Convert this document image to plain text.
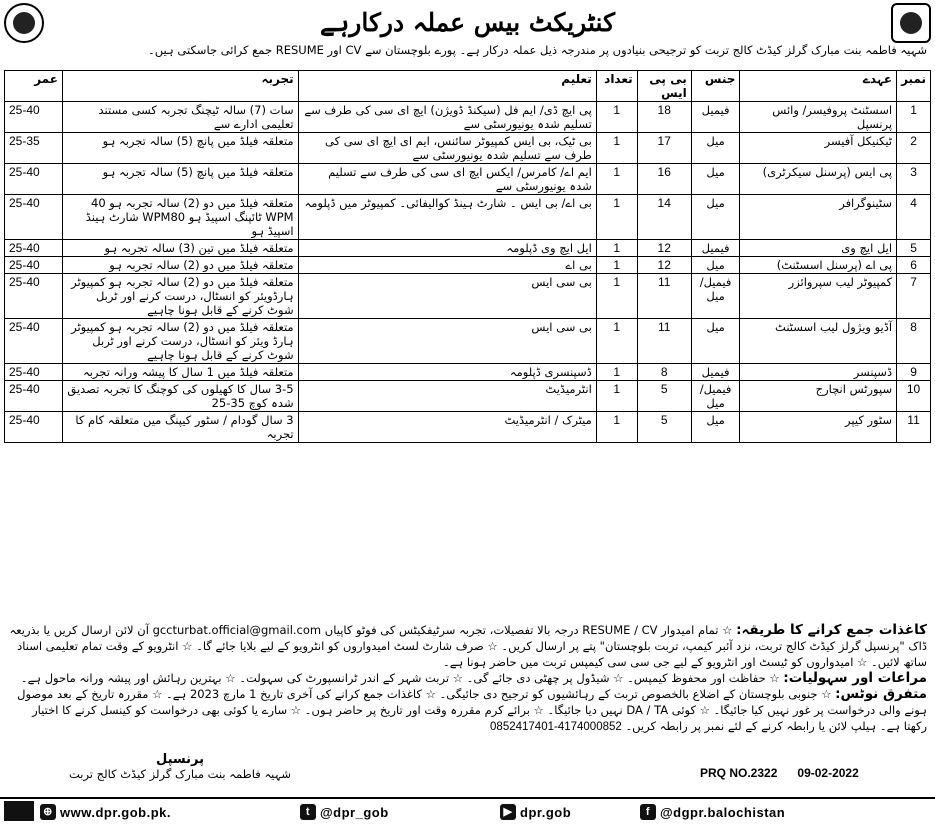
کنٹریکٹ بیس عملہ درکارہے
شہیہ فاطمہ بنت مبارک گرلز کیڈٹ کالج تربت کو ترجیحی بنیادوں پر مندرجہ ذیل عملہ درکار ہے۔ پورے بلوچستان سے CV اور RESUME جمع کرائی جاسکتی ہیں۔
نمبر	عہدے	جنس	بی پی ایس	تعداد	تعلیم	تجربہ	عمر
1	اسسٹنٹ پروفیسر/ وائس پرنسپل	فیمیل	18	1	پی ایچ ڈی/ ایم فل (سیکنڈ ڈویژن) ایچ ای سی کی طرف سے تسلیم شدہ یونیورسٹی سے	سات (7) سالہ ٹیچنگ تجربہ کسی مستند تعلیمی ادارے سے	25-40
2	ٹیکنیکل آفیسر	میل	17	1	بی ٹیک، بی ایس کمپیوٹر سائنس، ایم ای ایچ ای سی کی طرف سے تسلیم شدہ یونیورسٹی سے	متعلقہ فیلڈ میں پانچ (5) سالہ تجربہ ہو	25-35
3	پی ایس (پرسنل سیکرٹری)	میل	16	1	ایم اے/ کامرس/ ایکس ایچ ای سی کی طرف سے تسلیم شدہ یونیورسٹی سے	متعلقہ فیلڈ میں پانچ (5) سالہ تجربہ ہو	25-40
4	سٹینوگرافر	میل	14	1	بی اے/ بی ایس ۔ شارٹ ہینڈ کوالیفائی۔ کمپیوٹر میں ڈپلومہ	متعلقہ فیلڈ میں دو (2) سالہ تجربہ ہو 40 WPM ٹائپنگ اسپیڈ ہو WPM80 شارٹ ہینڈ اسپیڈ ہو	25-40
5	ایل ایچ وی	فیمیل	12	1	ایل ایچ وی ڈپلومہ	متعلقہ فیلڈ میں تین (3) سالہ تجربہ ہو	25-40
6	پی اے (پرسنل اسسٹنٹ)	میل	12	1	بی اے	متعلقہ فیلڈ میں دو (2) سالہ تجربہ ہو	25-40
7	کمپیوٹر لیب سپروائزر	فیمیل/ میل	11	1	بی سی ایس	متعلقہ فیلڈ میں دو (2) سالہ تجربہ ہو کمپیوٹر ہارڈویئر کو انسٹال، درست کرنے اور ٹربل شوٹ کرنے کے قابل ہونا چاہیے	25-40
8	آڈیو ویژول لیب اسسٹنٹ	میل	11	1	بی سی ایس	متعلقہ فیلڈ میں دو (2) سالہ تجربہ ہو کمپیوٹر ہارڈ ویئر کو انسٹال، درست کرنے اور ٹربل شوٹ کرنے کے قابل ہونا چاہیے	25-40
9	ڈسپنسر	فیمیل	8	1	ڈسپنسری ڈپلومہ	متعلقہ فیلڈ میں 1 سال کا پیشہ ورانہ تجربہ	25-40
10	سپورٹس انچارج	فیمیل/ میل	5	1	انٹرمیڈیٹ	3-5 سال کا کھیلوں کی کوچنگ کا تجربہ تصدیق شدہ کوچ 35-25	25-40
11	سٹور کیپر	میل	5	1	میٹرک / انٹرمیڈیٹ	3 سال گودام / سٹور کیپنگ میں متعلقہ کام کا تجربہ	25-40
کاغذات جمع کرانے کا طریقہ: ☆ تمام امیدوار RESUME / CV درجہ بالا تفصیلات، تجربہ سرٹیفکیٹس کی فوٹو کاپیاں gccturbat.official@gmail.com آن لائن ارسال کریں یا بذریعہ ڈاک "پرنسپل گرلز کیڈٹ کالج تربت، نزد آئبر کیمپ، تربت بلوچستان" پتے پر ارسال کریں۔ ☆ صرف شارٹ لسٹ امیدواروں کو انٹرویو کے لیے بلایا جائے گا۔ ☆ انٹرویو کے وقت تمام تعلیمی اسناد ساتھ لائیں۔ ☆ امیدواروں کو ٹیسٹ اور انٹرویو کے لیے جی سی سی کیمپس تربت میں حاضر ہونا ہے۔
مراعات اور سہولیات: ☆ حفاظت اور محفوظ کیمپس۔ ☆ شیڈول پر چھٹی دی جائے گی۔ ☆ تربت شہر کے اندر ٹرانسپورٹ کی سہولت۔ ☆ بہترین رہائش اور پیشہ ورانہ ماحول ہے۔
متفرق نوٹس: ☆ جنوبی بلوچستان کے اضلاع بالخصوص تربت کے رہائشیوں کو ترجیح دی جائیگی۔ ☆ کاغذات جمع کرانے کی آخری تاریخ 1 مارچ 2023 ہے۔ ☆ مقررہ تاریخ کے بعد موصول ہونے والی درخواست پر غور نہیں کیا جائیگا۔ ☆ کوئی DA / TA نہیں دیا جائیگا۔ ☆ برائے کرم مقررہ وقت اور تاریخ پر حاضر ہوں۔ ☆ سارے یا کوئی بھی درخواست کو کینسل کرنے کا اختیار رکھتا ہے۔ ہیلپ لائن یا رابطہ کرنے کے لئے نمبر پر رابطہ کریں۔ 0852417401-4174000852
پرنسپل
شہیہ فاطمہ بنت مبارک گرلز کیڈٹ کالج تربت	PRQ NO.2322 09-02-2022
⊕ www.dpr.gob.pk.	t @dpr_gob	▶ dpr.gob	f @dgpr.balochistan
